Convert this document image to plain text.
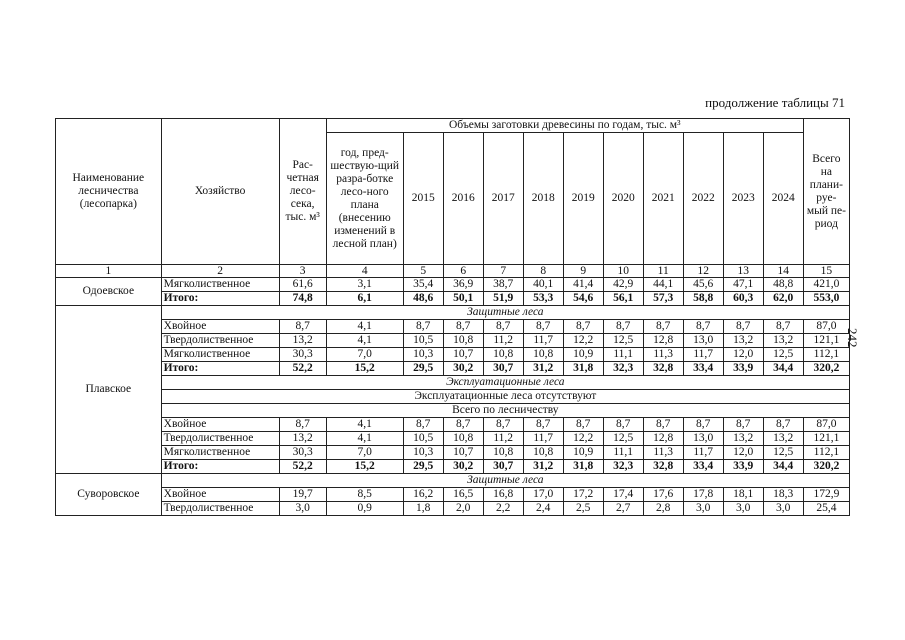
продолжение таблицы 71
242
Наименование лесничества (лесопарка)	Хозяйство	Рас-четная лесо-сека, тыс. м³	Объемы заготовки древесины по годам, тыс. м³											Всего на плани-руе-мый пе-риод
			год, пред-шествую-щий разра-ботке лесо-ного плана (внесению изменений в лесной план)	2015	2016	2017	2018	2019	2020	2021	2022	2023	2024	
1	2	3	4	5	6	7	8	9	10	11	12	13	14	15
Одоевское	Мягколиственное	61,6	3,1	35,4	36,9	38,7	40,1	41,4	42,9	44,1	45,6	47,1	48,8	421,0
	Итого:	74,8	6,1	48,6	50,1	51,9	53,3	54,6	56,1	57,3	58,8	60,3	62,0	553,0
Плавское	Защитные леса													
	Хвойное	8,7	4,1	8,7	8,7	8,7	8,7	8,7	8,7	8,7	8,7	8,7	8,7	87,0
	Твердолиственное	13,2	4,1	10,5	10,8	11,2	11,7	12,2	12,5	12,8	13,0	13,2	13,2	121,1
	Мягколиственное	30,3	7,0	10,3	10,7	10,8	10,8	10,9	11,1	11,3	11,7	12,0	12,5	112,1
	Итого:	52,2	15,2	29,5	30,2	30,7	31,2	31,8	32,3	32,8	33,4	33,9	34,4	320,2
	Эксплуатационные леса													
	Эксплуатационные леса отсутствуют													
	Всего по лесничеству													
	Хвойное	8,7	4,1	8,7	8,7	8,7	8,7	8,7	8,7	8,7	8,7	8,7	8,7	87,0
	Твердолиственное	13,2	4,1	10,5	10,8	11,2	11,7	12,2	12,5	12,8	13,0	13,2	13,2	121,1
	Мягколиственное	30,3	7,0	10,3	10,7	10,8	10,8	10,9	11,1	11,3	11,7	12,0	12,5	112,1
	Итого:	52,2	15,2	29,5	30,2	30,7	31,2	31,8	32,3	32,8	33,4	33,9	34,4	320,2
Суворовское	Защитные леса													
	Хвойное	19,7	8,5	16,2	16,5	16,8	17,0	17,2	17,4	17,6	17,8	18,1	18,3	172,9
	Твердолиственное	3,0	0,9	1,8	2,0	2,2	2,4	2,5	2,7	2,8	3,0	3,0	3,0	25,4
